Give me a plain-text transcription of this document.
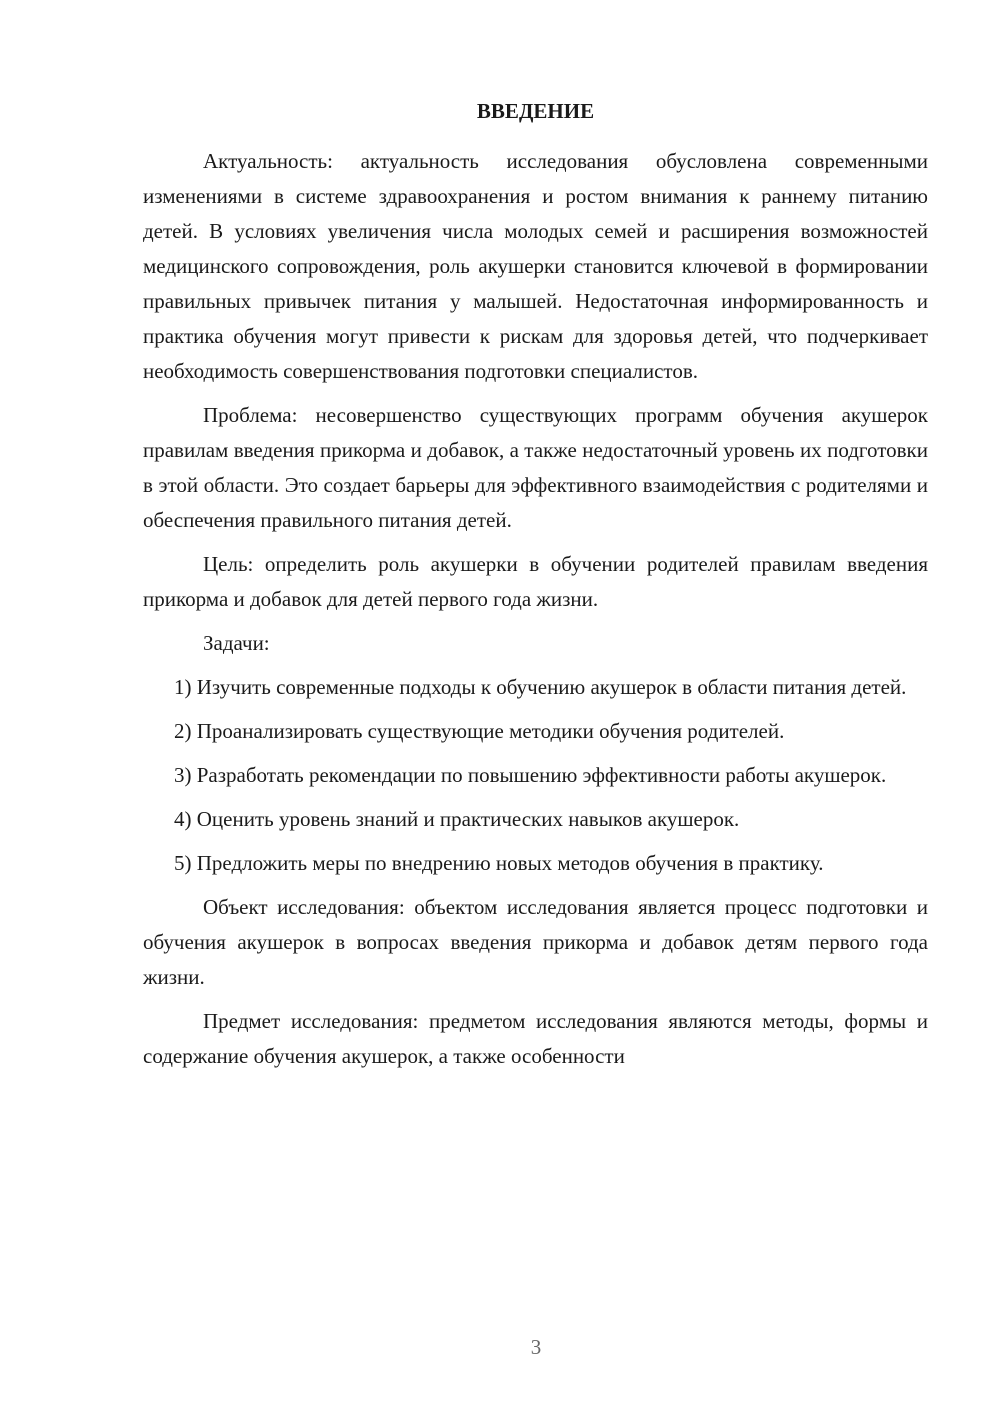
ВВЕДЕНИЕ

Актуальность: актуальность исследования обусловлена современными изменениями в системе здравоохранения и ростом внимания к раннему питанию детей. В условиях увеличения числа молодых семей и расширения возможностей медицинского сопровождения, роль акушерки становится ключевой в формировании правильных привычек питания у малышей. Недостаточная информированность и практика обучения могут привести к рискам для здоровья детей, что подчеркивает необходимость совершенствования подготовки специалистов.

Проблема: несовершенство существующих программ обучения акушерок правилам введения прикорма и добавок, а также недостаточный уровень их подготовки в этой области. Это создает барьеры для эффективного взаимодействия с родителями и обеспечения правильного питания детей.

Цель: определить роль акушерки в обучении родителей правилам введения прикорма и добавок для детей первого года жизни.

Задачи:

1) Изучить современные подходы к обучению акушерок в области питания детей.

2) Проанализировать существующие методики обучения родителей.

3) Разработать рекомендации по повышению эффективности работы акушерок.

4) Оценить уровень знаний и практических навыков акушерок.

5) Предложить меры по внедрению новых методов обучения в практику.

Объект исследования: объектом исследования является процесс подготовки и обучения акушерок в вопросах введения прикорма и добавок детям первого года жизни.

Предмет исследования: предметом исследования являются методы, формы и содержание обучения акушерок, а также особенности

3
